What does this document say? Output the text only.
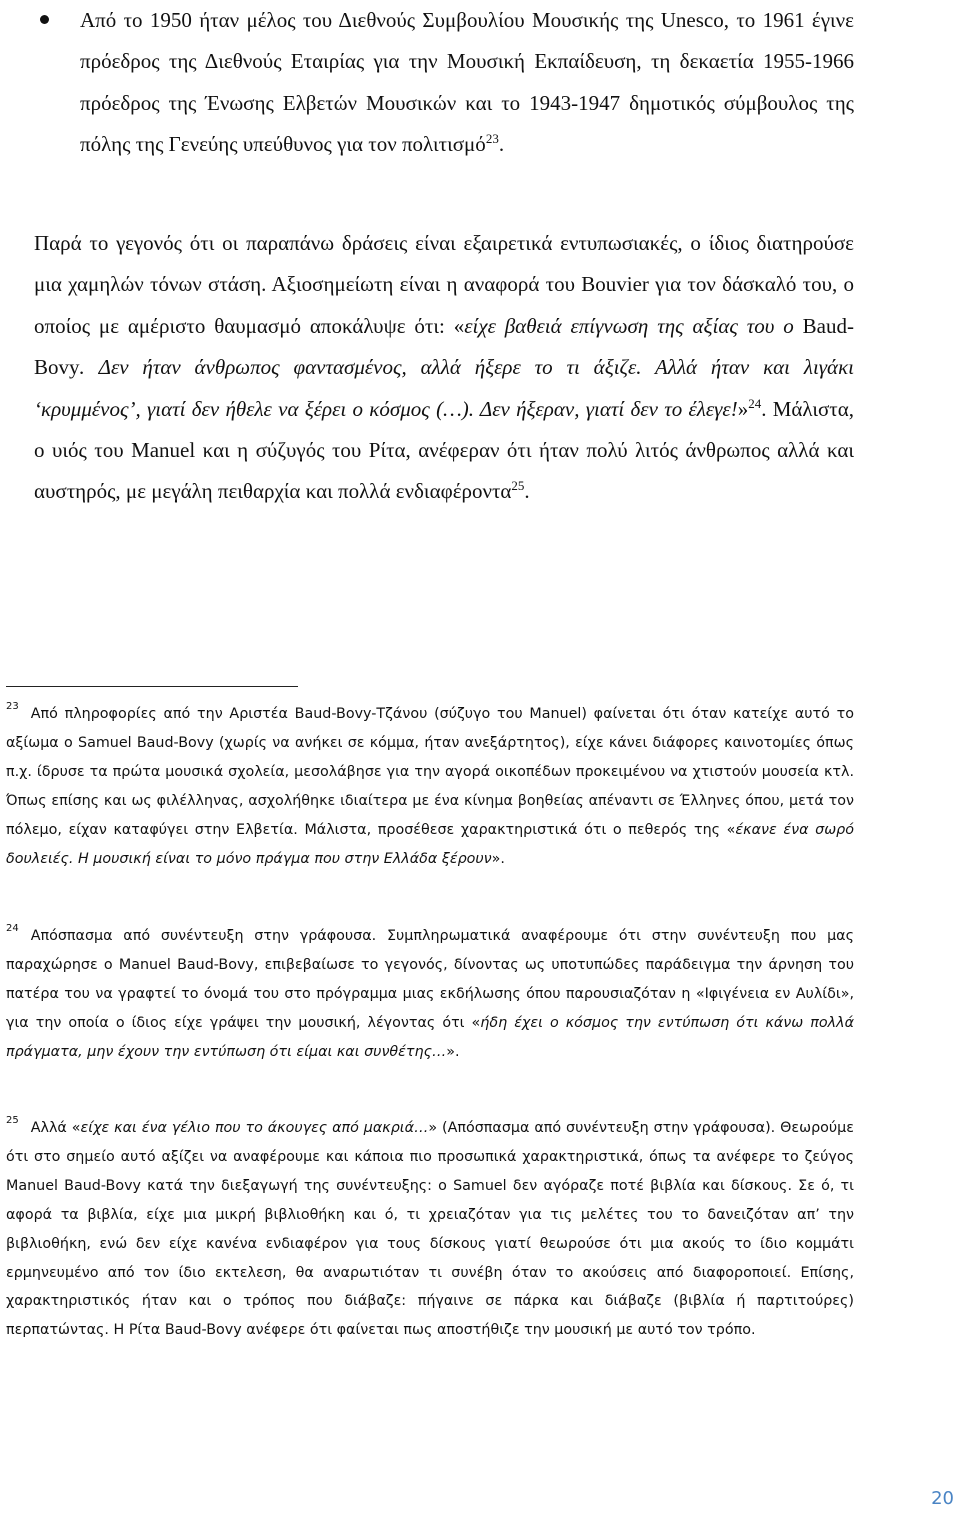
Από το 1950 ήταν μέλος του Διεθνούς Συμβουλίου Μουσικής της Unesco, το 1961 έγινε πρόεδρος της Διεθνούς Εταιρίας για την Μουσική Εκπαίδευση, τη δεκαετία 1955-1966 πρόεδρος της Ένωσης Ελβετών Μουσικών και το 1943-1947 δημοτικός σύμβουλος της πόλης της Γενεύης υπεύθυνος για τον πολιτισμό$^{23}$.
Παρά το γεγονός ότι οι παραπάνω δράσεις είναι εξαιρετικά εντυπωσιακές, ο ίδιος διατηρούσε μια χαμηλών τόνων στάση. Αξιοσημείωτη είναι η αναφορά του Bouvier για τον δάσκαλό του, ο οποίος με αμέριστο θαυμασμό αποκάλυψε ότι: «είχε βαθειά επίγνωση της αξίας του ο Baud-Bovy. Δεν ήταν άνθρωπος φαντασμένος, αλλά ήξερε το τι άξιζε. Αλλά ήταν και λιγάκι ‘κρυμμένος’, γιατί δεν ήθελε να ξέρει ο κόσμος (…). Δεν ήξεραν, γιατί δεν το έλεγε!»$^{24}$. Μάλιστα, ο υιός του Manuel και η σύζυγός του Ρίτα, ανέφεραν ότι ήταν πολύ λιτός άνθρωπος αλλά και αυστηρός, με μεγάλη πειθαρχία και πολλά ενδιαφέροντα$^{25}$.
$^{23}$ Από πληροφορίες από την Αριστέα Baud-Bovy-Τζάνου (σύζυγο του Manuel) φαίνεται ότι όταν κατείχε αυτό το αξίωμα ο Samuel Baud-Bovy (χωρίς να ανήκει σε κόμμα, ήταν ανεξάρτητος), είχε κάνει διάφορες καινοτομίες όπως π.χ. ίδρυσε τα πρώτα μουσικά σχολεία, μεσολάβησε για την αγορά οικοπέδων προκειμένου να χτιστούν μουσεία κτλ. Όπως επίσης και ως φιλέλληνας, ασχολήθηκε ιδιαίτερα με ένα κίνημα βοηθείας απέναντι σε Έλληνες όπου, μετά τον πόλεμο, είχαν καταφύγει στην Ελβετία. Μάλιστα, προσέθεσε χαρακτηριστικά ότι ο πεθερός της «έκανε ένα σωρό δουλειές. Η μουσική είναι το μόνο πράγμα που στην Ελλάδα ξέρουν».
$^{24}$ Απόσπασμα από συνέντευξη στην γράφουσα. Συμπληρωματικά αναφέρουμε ότι στην συνέντευξη που μας παραχώρησε ο Manuel Baud-Bovy, επιβεβαίωσε το γεγονός, δίνοντας ως υποτυπώδες παράδειγμα την άρνηση του πατέρα του να γραφτεί το όνομά του στο πρόγραμμα μιας εκδήλωσης όπου παρουσιαζόταν η «Ιφιγένεια εν Αυλίδι», για την οποία ο ίδιος είχε γράψει την μουσική, λέγοντας ότι «ήδη έχει ο κόσμος την εντύπωση ότι κάνω πολλά πράγματα, μην έχουν την εντύπωση ότι είμαι και συνθέτης…».
$^{25}$ Αλλά «είχε και ένα γέλιο που το άκουγες από μακριά…» (Απόσπασμα από συνέντευξη στην γράφουσα). Θεωρούμε ότι στο σημείο αυτό αξίζει να αναφέρουμε και κάποια πιο προσωπικά χαρακτηριστικά, όπως τα ανέφερε το ζεύγος Manuel Baud-Bovy κατά την διεξαγωγή της συνέντευξης: ο Samuel δεν αγόραζε ποτέ βιβλία και δίσκους. Σε ό, τι αφορά τα βιβλία, είχε μια μικρή βιβλιοθήκη και ό, τι χρειαζόταν για τις μελέτες του το δανειζόταν απ’ την βιβλιοθήκη, ενώ δεν είχε κανένα ενδιαφέρον για τους δίσκους γιατί θεωρούσε ότι μια ακούς το ίδιο κομμάτι ερμηνευμένο από τον ίδιο εκτελεση, θα αναρωτιόταν τι συνέβη όταν το ακούσεις από διαφοροποιεί. Επίσης, χαρακτηριστικός ήταν και ο τρόπος που διάβαζε: πήγαινε σε πάρκα και διάβαζε (βιβλία ή παρτιτούρες) περπατώντας. Η Ρίτα Baud-Bovy ανέφερε ότι φαίνεται πως αποστήθιζε την μουσική με αυτό τον τρόπο.
20
